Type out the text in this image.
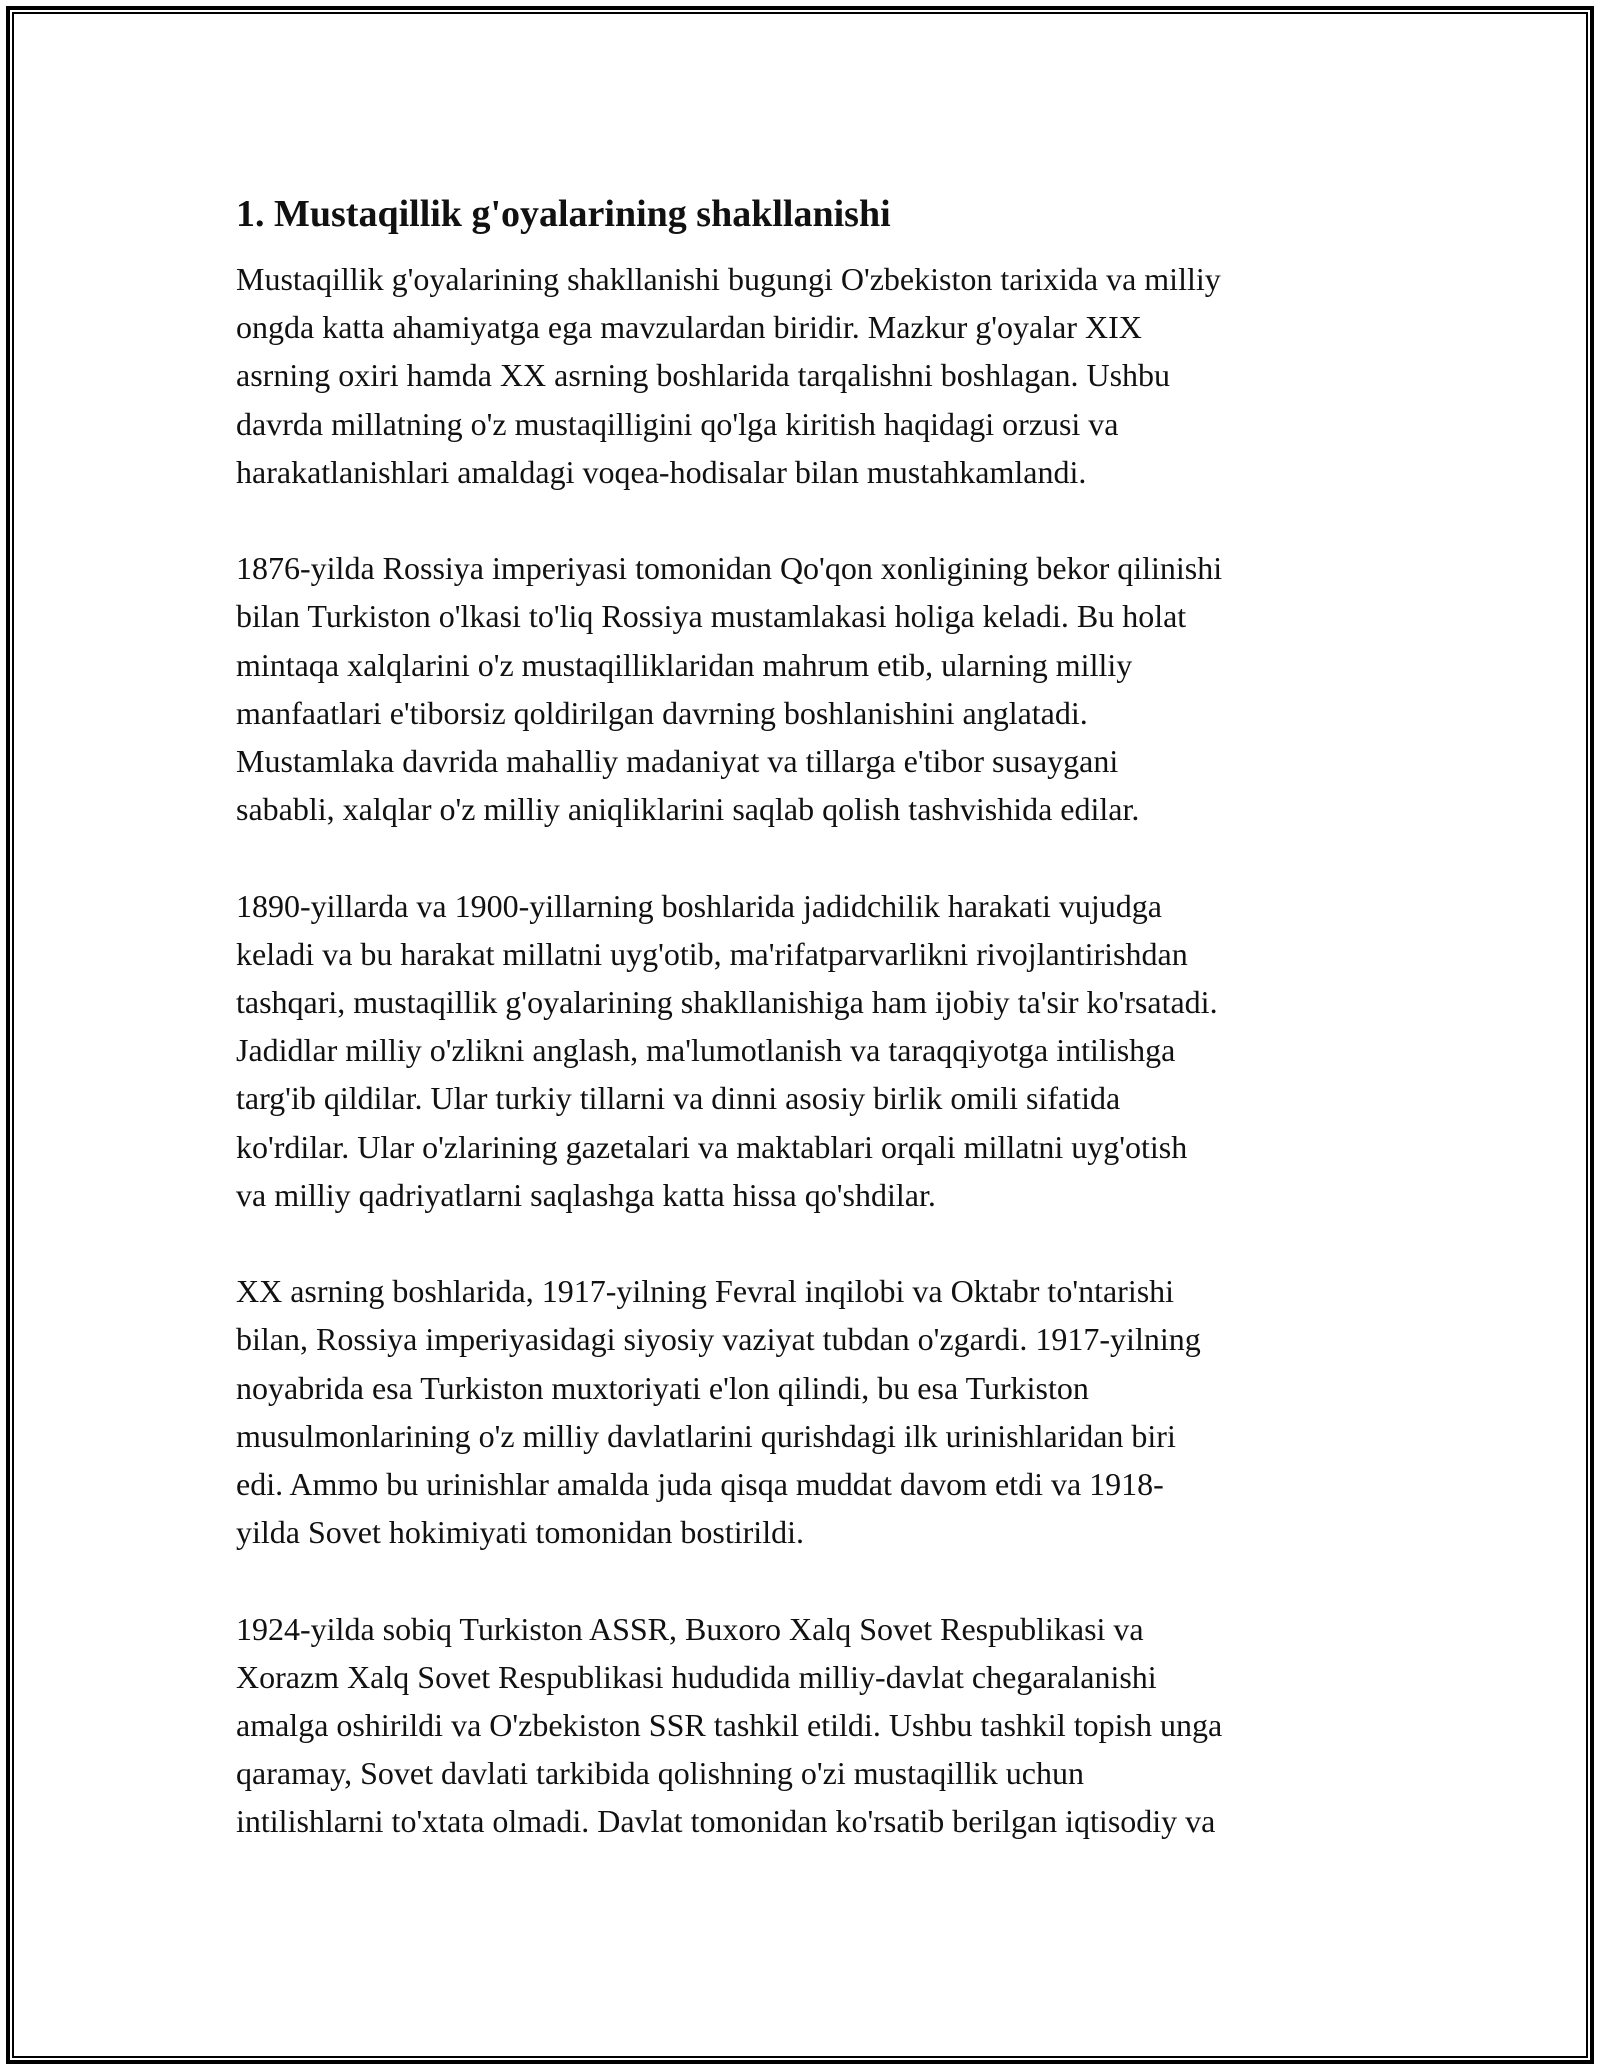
1. Mustaqillik g'oyalarining shakllanishi

Mustaqillik g'oyalarining shakllanishi bugungi O'zbekiston tarixida va milliy
ongda katta ahamiyatga ega mavzulardan biridir. Mazkur g'oyalar XIX
asrning oxiri hamda XX asrning boshlarida tarqalishni boshlagan. Ushbu
davrda millatning o'z mustaqilligini qo'lga kiritish haqidagi orzusi va
harakatlanishlari amaldagi voqea-hodisalar bilan mustahkamlandi.

1876-yilda Rossiya imperiyasi tomonidan Qo'qon xonligining bekor qilinishi
bilan Turkiston o'lkasi to'liq Rossiya mustamlakasi holiga keladi. Bu holat
mintaqa xalqlarini o'z mustaqilliklaridan mahrum etib, ularning milliy
manfaatlari e'tiborsiz qoldirilgan davrning boshlanishini anglatadi.
Mustamlaka davrida mahalliy madaniyat va tillarga e'tibor susaygani
sababli, xalqlar o'z milliy aniqliklarini saqlab qolish tashvishida edilar.

1890-yillarda va 1900-yillarning boshlarida jadidchilik harakati vujudga
keladi va bu harakat millatni uyg'otib, ma'rifatparvarlikni rivojlantirishdan
tashqari, mustaqillik g'oyalarining shakllanishiga ham ijobiy ta'sir ko'rsatadi.
Jadidlar milliy o'zlikni anglash, ma'lumotlanish va taraqqiyotga intilishga
targ'ib qildilar. Ular turkiy tillarni va dinni asosiy birlik omili sifatida
ko'rdilar. Ular o'zlarining gazetalari va maktablari orqali millatni uyg'otish
va milliy qadriyatlarni saqlashga katta hissa qo'shdilar.

XX asrning boshlarida, 1917-yilning Fevral inqilobi va Oktabr to'ntarishi
bilan, Rossiya imperiyasidagi siyosiy vaziyat tubdan o'zgardi. 1917-yilning
noyabrida esa Turkiston muxtoriyati e'lon qilindi, bu esa Turkiston
musulmonlarining o'z milliy davlatlarini qurishdagi ilk urinishlaridan biri
edi. Ammo bu urinishlar amalda juda qisqa muddat davom etdi va 1918-
yilda Sovet hokimiyati tomonidan bostirildi.

1924-yilda sobiq Turkiston ASSR, Buxoro Xalq Sovet Respublikasi va
Xorazm Xalq Sovet Respublikasi hududida milliy-davlat chegaralanishi
amalga oshirildi va O'zbekiston SSR tashkil etildi. Ushbu tashkil topish unga
qaramay, Sovet davlati tarkibida qolishning o'zi mustaqillik uchun
intilishlarni to'xtata olmadi. Davlat tomonidan ko'rsatib berilgan iqtisodiy va
